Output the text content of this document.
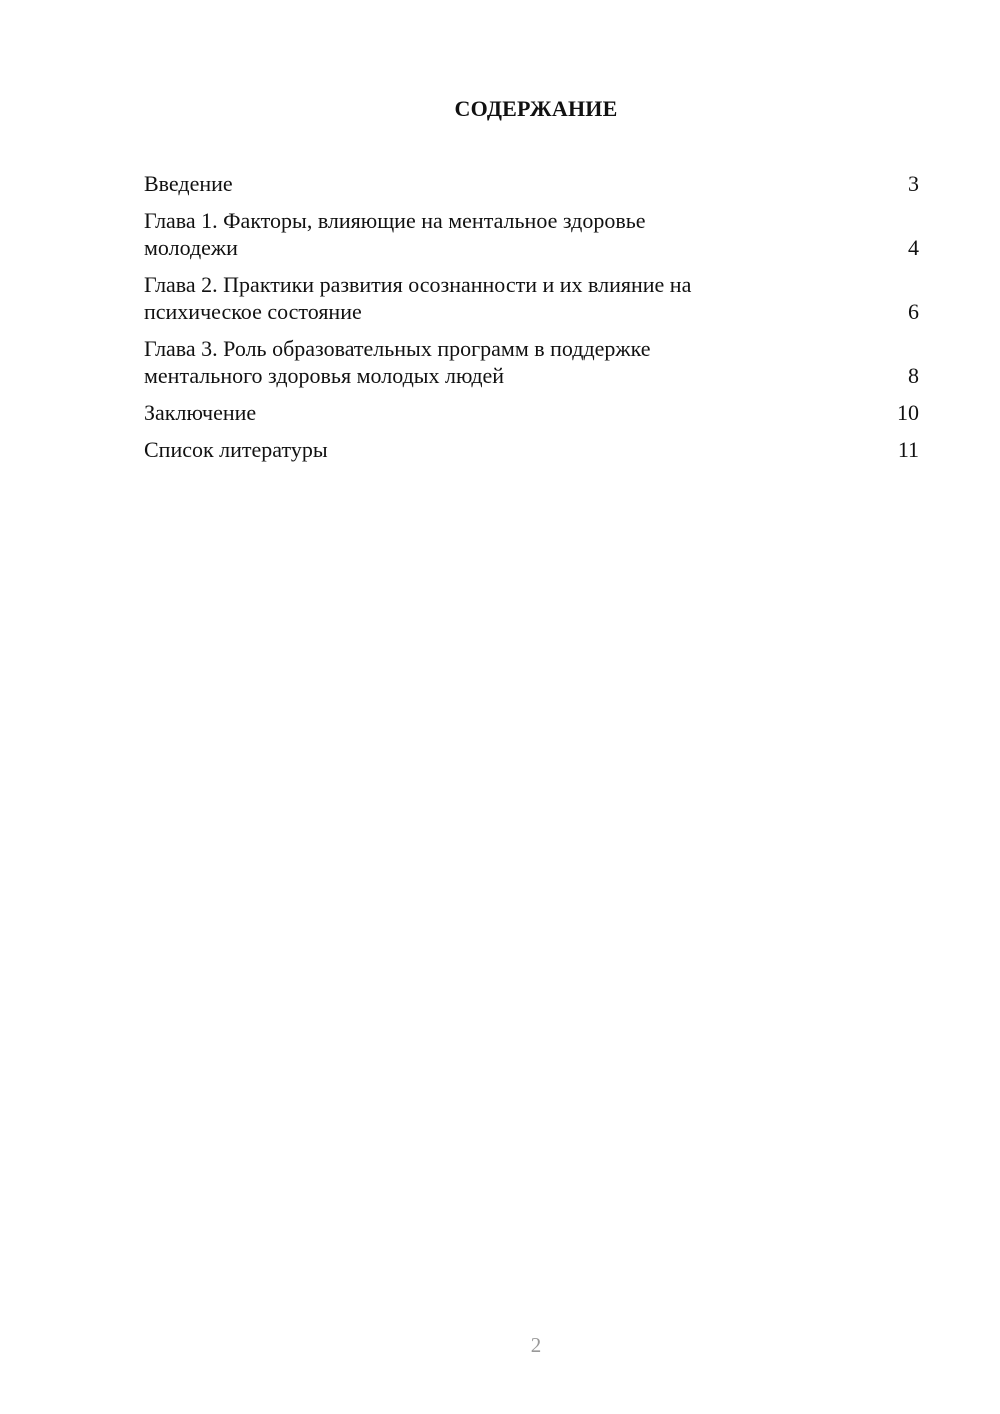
СОДЕРЖАНИЕ
Введение	3
Глава 1. Факторы, влияющие на ментальное здоровье
молодежи	4
Глава 2. Практики развития осознанности и их влияние на
психическое состояние	6
Глава 3. Роль образовательных программ в поддержке
ментального здоровья молодых людей	8
Заключение	10
Список литературы	11
2
